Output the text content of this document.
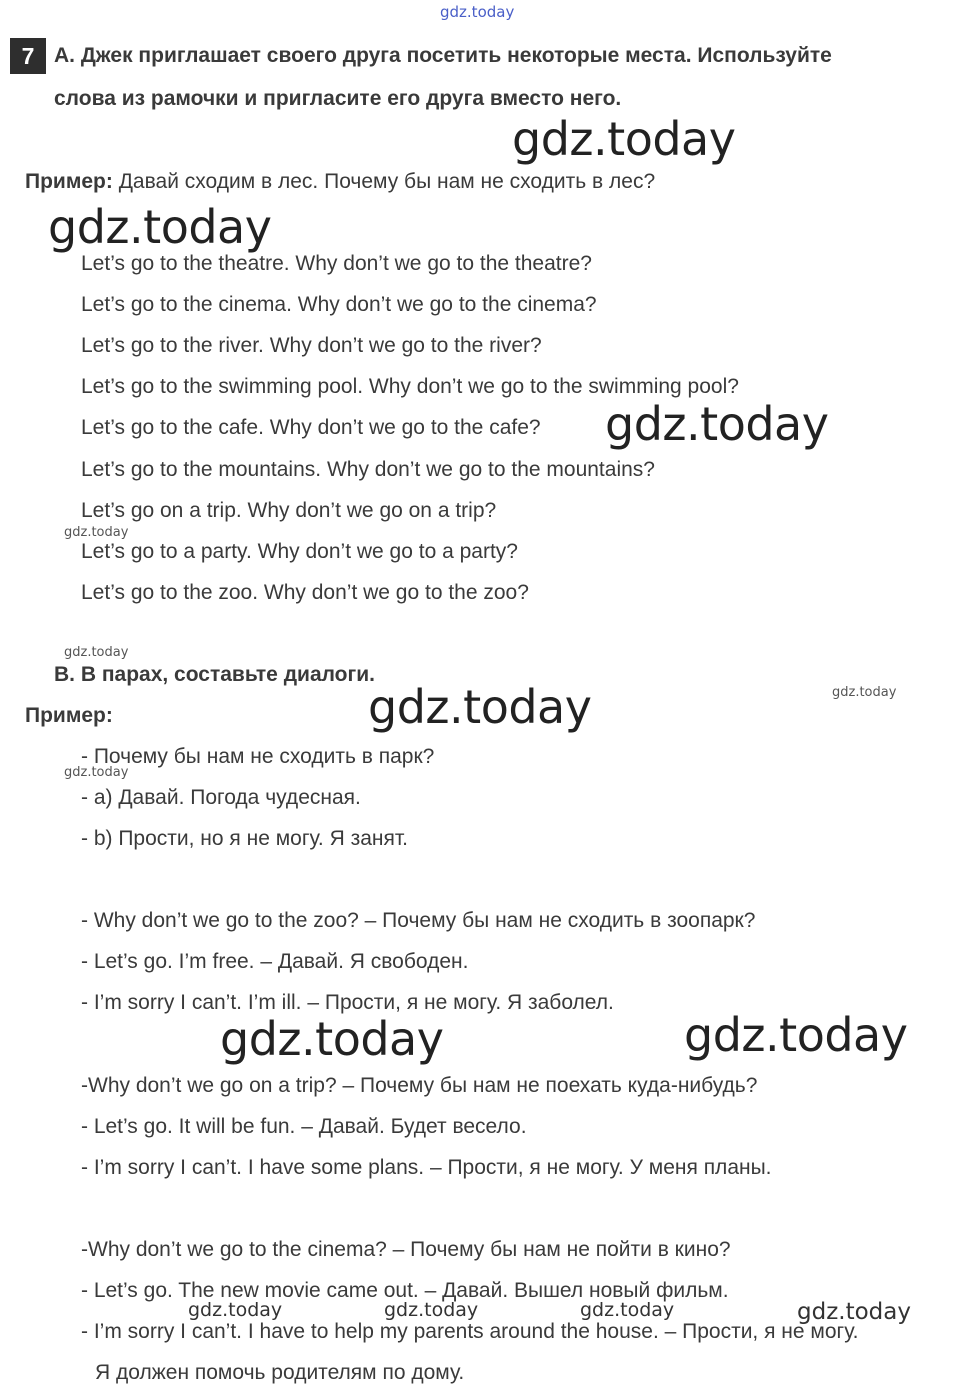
gdz.today
7 A. Джек приглашает своего друга посетить некоторые места. Используйте
слова из рамочки и пригласите его друга вместо него.
gdz.today
Пример: Давай сходим в лес. Почему бы нам не сходить в лес?
gdz.today
Let’s go to the theatre. Why don’t we go to the theatre?
Let’s go to the cinema. Why don’t we go to the cinema?
Let’s go to the river. Why don’t we go to the river?
Let’s go to the swimming pool. Why don’t we go to the swimming pool?
Let’s go to the cafe. Why don’t we go to the cafe? gdz.today
Let’s go to the mountains. Why don’t we go to the mountains?
Let’s go on a trip. Why don’t we go on a trip?
gdz.today
Let’s go to a party. Why don’t we go to a party?
Let’s go to the zoo. Why don’t we go to the zoo?
gdz.today
B. В парах, составьте диалоги.
gdz.today
Пример:	gdz.today
- Почему бы нам не сходить в парк?
gdz.today
- a) Давай. Погода чудесная.
- b) Прости, но я не могу. Я занят.
- Why don’t we go to the zoo? – Почему бы нам не сходить в зоопарк?
- Let’s go. I’m free. – Давай. Я свободен.
- I’m sorry I can’t. I’m ill. – Прости, я не могу. Я заболел.
gdz.today	gdz.today
-Why don’t we go on a trip? – Почему бы нам не поехать куда-нибудь?
- Let’s go. It will be fun. – Давай. Будет весело.
- I’m sorry I can’t. I have some plans. – Прости, я не могу. У меня планы.
-Why don’t we go to the cinema? – Почему бы нам не пойти в кино?
- Let’s go. The new movie came out. – Давай. Вышел новый фильм.
gdz.today	gdz.today	gdz.today	gdz.today
- I’m sorry I can’t. I have to help my parents around the house. – Прости, я не могу.
Я должен помочь родителям по дому.
